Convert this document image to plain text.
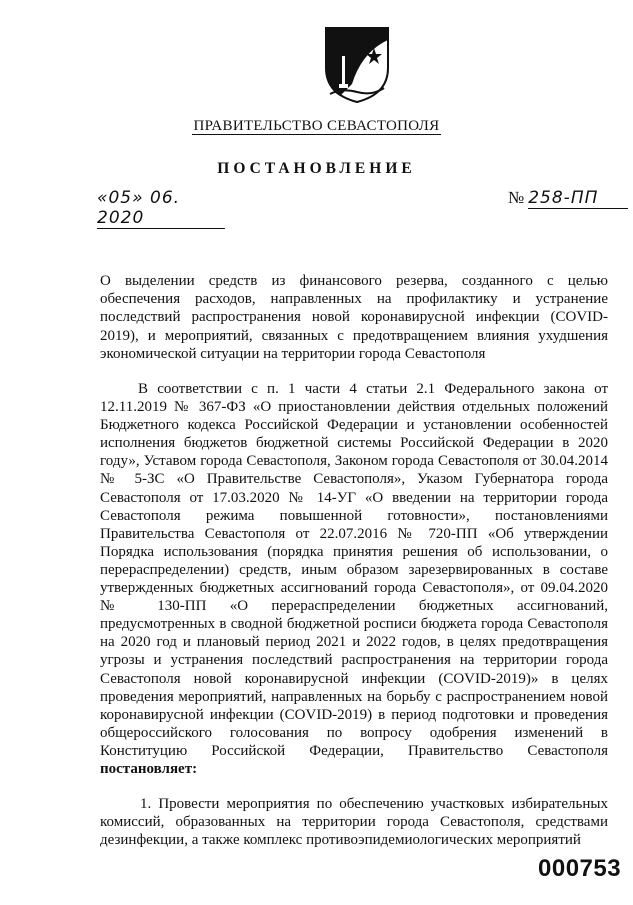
ПРАВИТЕЛЬСТВО СЕВАСТОПОЛЯ
ПОСТАНОВЛЕНИЕ
«05» 06. 2020
№ 258-ПП
О выделении средств из финансового резерва, созданного с целью обеспечения расходов, направленных на профилактику и устранение последствий распространения новой коронавирусной инфекции (COVID-2019), и мероприятий, связанных с предотвращением влияния ухудшения экономической ситуации на территории города Севастополя
В соответствии с п. 1 части 4 статьи 2.1 Федерального закона от 12.11.2019 № 367-ФЗ «О приостановлении действия отдельных положений Бюджетного кодекса Российской Федерации и установлении особенностей исполнения бюджетов бюджетной системы Российской Федерации в 2020 году», Уставом города Севастополя, Законом города Севастополя от 30.04.2014 № 5-ЗС «О Правительстве Севастополя», Указом Губернатора города Севастополя от 17.03.2020 № 14-УГ «О введении на территории города Севастополя режима повышенной готовности», постановлениями Правительства Севастополя от 22.07.2016 № 720-ПП «Об утверждении Порядка использования (порядка принятия решения об использовании, о перераспределении) средств, иным образом зарезервированных в составе утвержденных бюджетных ассигнований города Севастополя», от 09.04.2020 № 130-ПП «О перераспределении бюджетных ассигнований, предусмотренных в сводной бюджетной росписи бюджета города Севастополя на 2020 год и плановый период 2021 и 2022 годов, в целях предотвращения угрозы и устранения последствий распространения на территории города Севастополя новой коронавирусной инфекции (COVID-2019)» в целях проведения мероприятий, направленных на борьбу с распространением новой коронавирусной инфекции (COVID-2019) в период подготовки и проведения общероссийского голосования по вопросу одобрения изменений в Конституцию Российской Федерации, Правительство Севастополя постановляет:
1. Провести мероприятия по обеспечению участковых избирательных комиссий, образованных на территории города Севастополя, средствами дезинфекции, а также комплекс противоэпидемиологических мероприятий
000753
